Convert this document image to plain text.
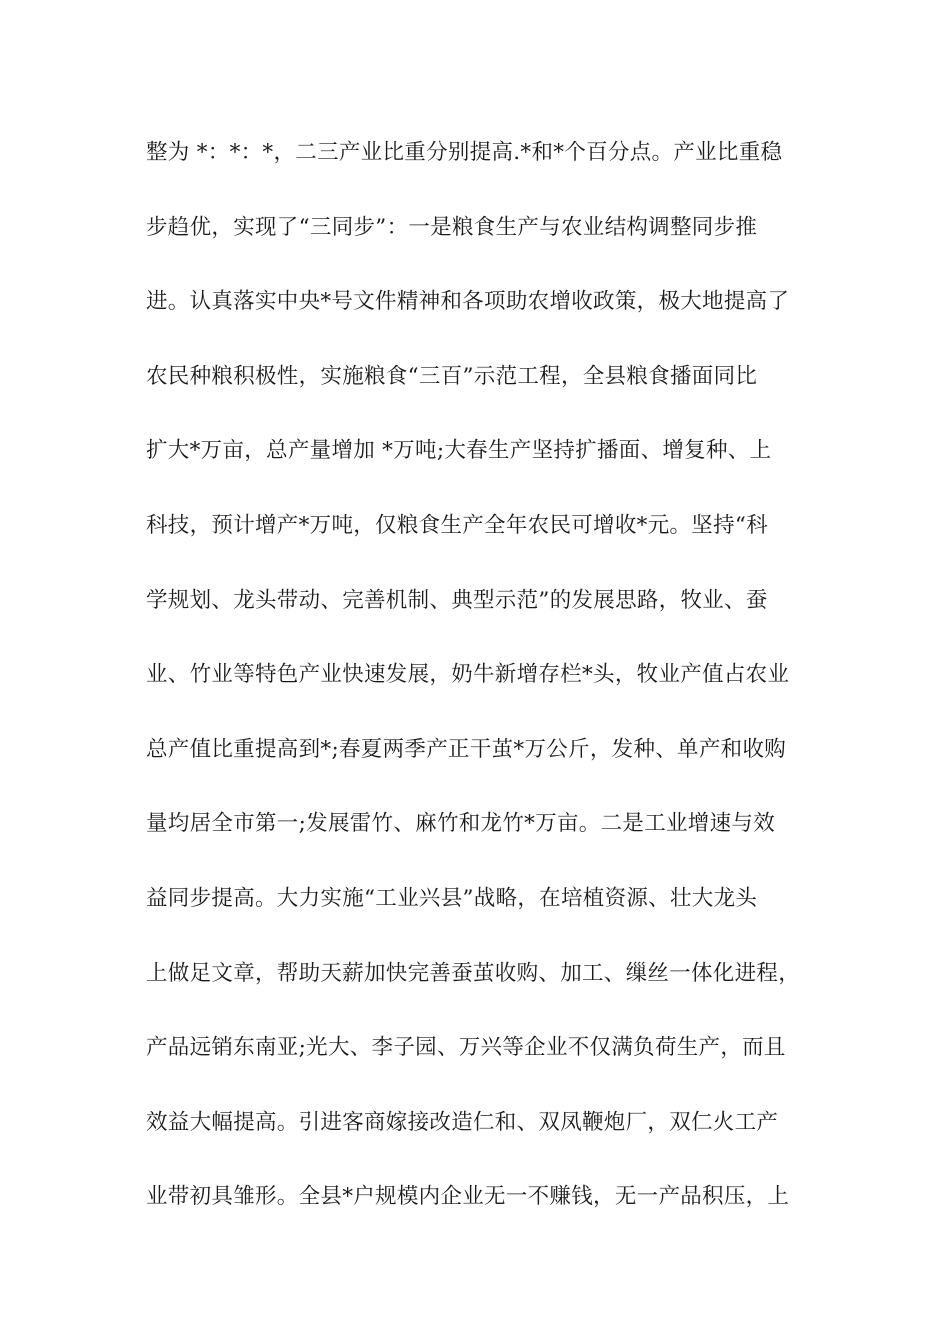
整为 *：*：*，二三产业比重分别提高.*和*个百分点。产业比重稳
步趋优，实现了“三同步”：一是粮食生产与农业结构调整同步推
进。认真落实中央*号文件精神和各项助农增收政策，极大地提高了
农民种粮积极性，实施粮食“三百”示范工程，全县粮食播面同比
扩大*万亩，总产量增加 *万吨;大春生产坚持扩播面、增复种、上
科技，预计增产*万吨，仅粮食生产全年农民可增收*元。坚持“科
学规划、龙头带动、完善机制、典型示范”的发展思路，牧业、蚕
业、竹业等特色产业快速发展，奶牛新增存栏*头，牧业产值占农业
总产值比重提高到*;春夏两季产正干茧*万公斤，发种、单产和收购
量均居全市第一;发展雷竹、麻竹和龙竹*万亩。二是工业增速与效
益同步提高。大力实施“工业兴县”战略，在培植资源、壮大龙头
上做足文章，帮助天薪加快完善蚕茧收购、加工、缫丝一体化进程，
产品远销东南亚;光大、李子园、万兴等企业不仅满负荷生产，而且
效益大幅提高。引进客商嫁接改造仁和、双凤鞭炮厂，双仁火工产
业带初具雏形。全县*户规模内企业无一不赚钱，无一产品积压，上
